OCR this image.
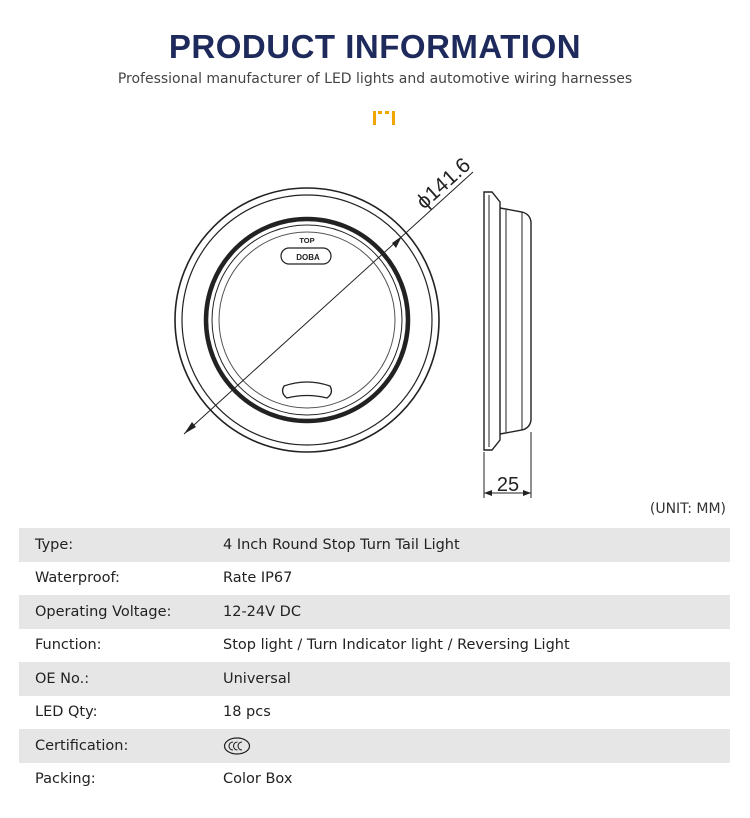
PRODUCT INFORMATION
Professional manufacturer of LED lights and automotive wiring harnesses
TOP
DOBA
ϕ141.6
25
(UNIT: MM)
Type:	4 Inch Round Stop Turn Tail Light
Waterproof:	Rate IP67
Operating Voltage:	12-24V DC
Function:	Stop light / Turn Indicator light / Reversing Light
OE No.:	Universal
LED Qty:	18 pcs
Certification:	
Packing:	Color Box
